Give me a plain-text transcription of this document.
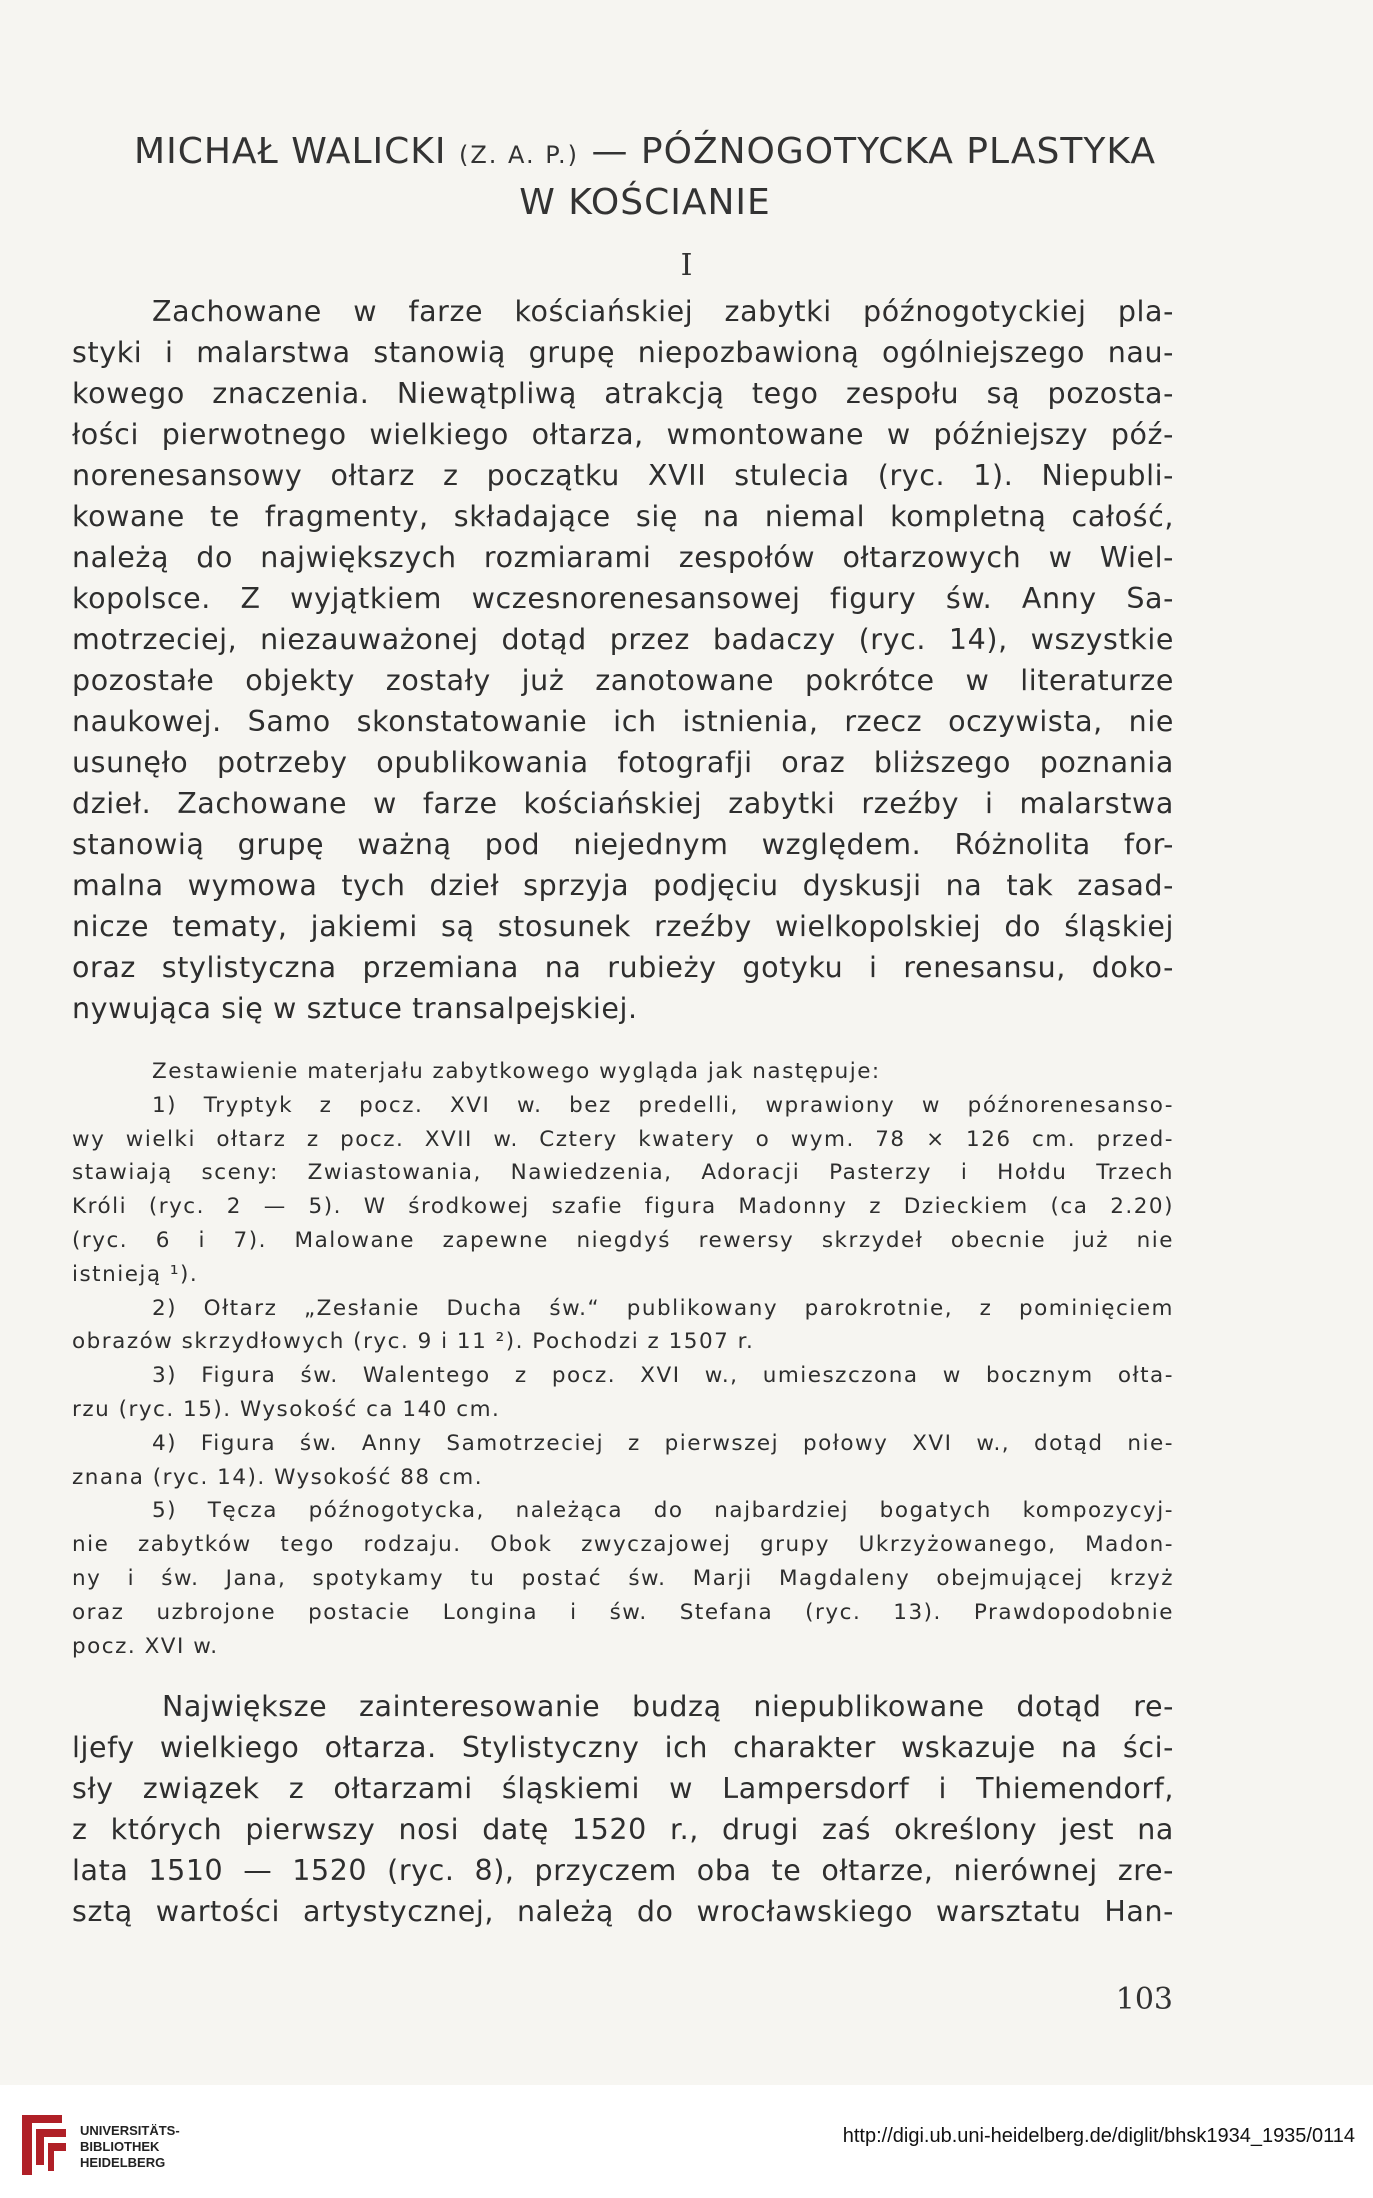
MICHAŁ WALICKI (Z. A. P.) — PÓŹNOGOTYCKA PLASTYKA
W KOŚCIANIE
I
Zachowane w farze kościańskiej zabytki późnogotyckiej pla-
styki i malarstwa stanowią grupę niepozbawioną ogólniejszego nau-
kowego znaczenia. Niewątpliwą atrakcją tego zespołu są pozosta-
łości pierwotnego wielkiego ołtarza, wmontowane w późniejszy póź-
norenesansowy ołtarz z początku XVII stulecia (ryc. 1). Niepubli-
kowane te fragmenty, składające się na niemal kompletną całość,
należą do największych rozmiarami zespołów ołtarzowych w Wiel-
kopolsce. Z wyjątkiem wczesnorenesansowej figury św. Anny Sa-
motrzeciej, niezauważonej dotąd przez badaczy (ryc. 14), wszystkie
pozostałe objekty zostały już zanotowane pokrótce w literaturze
naukowej. Samo skonstatowanie ich istnienia, rzecz oczywista, nie
usunęło potrzeby opublikowania fotografji oraz bliższego poznania
dzieł. Zachowane w farze kościańskiej zabytki rzeźby i malarstwa
stanowią grupę ważną pod niejednym względem. Różnolita for-
malna wymowa tych dzieł sprzyja podjęciu dyskusji na tak zasad-
nicze tematy, jakiemi są stosunek rzeźby wielkopolskiej do śląskiej
oraz stylistyczna przemiana na rubieży gotyku i renesansu, doko-
nywująca się w sztuce transalpejskiej.
Zestawienie materjału zabytkowego wygląda jak następuje:
1) Tryptyk z pocz. XVI w. bez predelli, wprawiony w późnorenesanso-
wy wielki ołtarz z pocz. XVII w. Cztery kwatery o wym. 78 × 126 cm. przed-
stawiają sceny: Zwiastowania, Nawiedzenia, Adoracji Pasterzy i Hołdu Trzech
Króli (ryc. 2 — 5). W środkowej szafie figura Madonny z Dzieckiem (ca 2.20)
(ryc. 6 i 7). Malowane zapewne niegdyś rewersy skrzydeł obecnie już nie
istnieją ¹).
2) Ołtarz „Zesłanie Ducha św.“ publikowany parokrotnie, z pominięciem
obrazów skrzydłowych (ryc. 9 i 11 ²). Pochodzi z 1507 r.
3) Figura św. Walentego z pocz. XVI w., umieszczona w bocznym ołta-
rzu (ryc. 15). Wysokość ca 140 cm.
4) Figura św. Anny Samotrzeciej z pierwszej połowy XVI w., dotąd nie-
znana (ryc. 14). Wysokość 88 cm.
5) Tęcza późnogotycka, należąca do najbardziej bogatych kompozycyj-
nie zabytków tego rodzaju. Obok zwyczajowej grupy Ukrzyżowanego, Madon-
ny i św. Jana, spotykamy tu postać św. Marji Magdaleny obejmującej krzyż
oraz uzbrojone postacie Longina i św. Stefana (ryc. 13). Prawdopodobnie
pocz. XVI w.
Największe zainteresowanie budzą niepublikowane dotąd re-
ljefy wielkiego ołtarza. Stylistyczny ich charakter wskazuje na ści-
sły związek z ołtarzami śląskiemi w Lampersdorf i Thiemendorf,
z których pierwszy nosi datę 1520 r., drugi zaś określony jest na
lata 1510 — 1520 (ryc. 8), przyczem oba te ołtarze, nierównej zre-
sztą wartości artystycznej, należą do wrocławskiego warsztatu Han-
103
UNIVERSITÄTS-
BIBLIOTHEK
HEIDELBERG
http://digi.ub.uni-heidelberg.de/diglit/bhsk1934_1935/0114
